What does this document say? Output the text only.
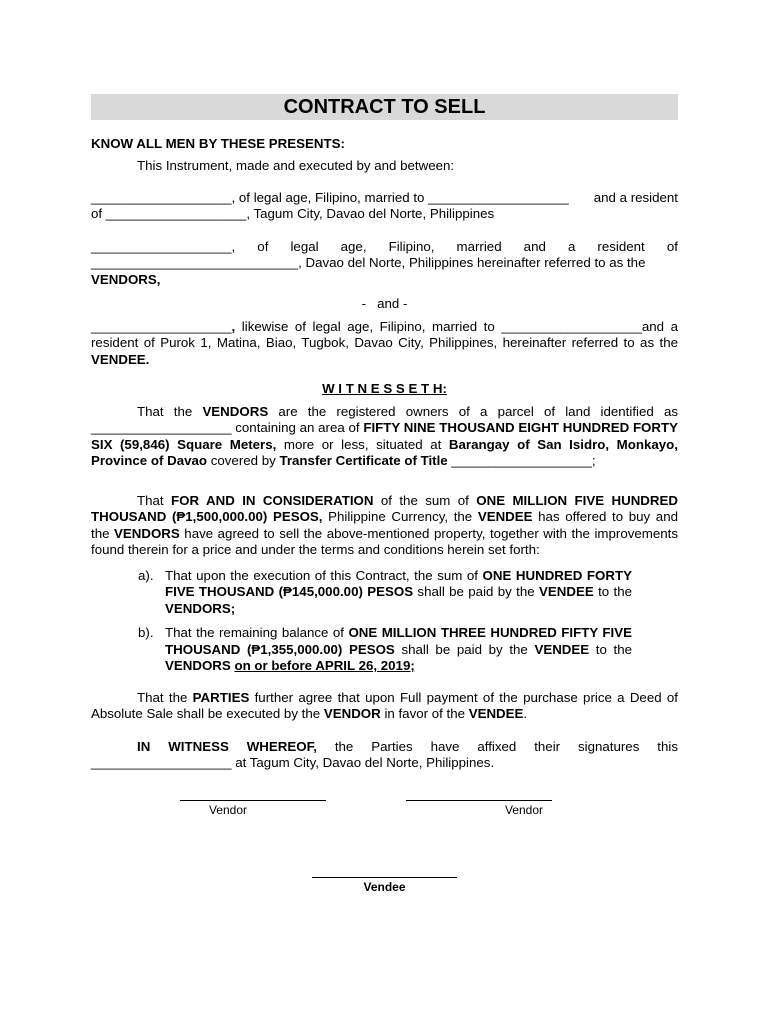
CONTRACT TO SELL
KNOW ALL MEN BY THESE PRESENTS:
This Instrument, made and executed by and between:
___________________, of legal age, Filipino, married to ___________________ and a resident
of ___________________, Tagum City, Davao del Norte, Philippines
___________________, of legal age, Filipino, married and a resident of
____________________________, Davao del Norte, Philippines hereinafter referred to as the
VENDORS,
-   and -
___________________, likewise of legal age, Filipino, married to ___________________and a resident of Purok 1, Matina, Biao, Tugbok, Davao City, Philippines, hereinafter referred to as the VENDEE.
W I T N E S S E T H:
That the VENDORS are the registered owners of a parcel of land identified as ___________________ containing an area of FIFTY NINE THOUSAND EIGHT HUNDRED FORTY SIX (59,846) Square Meters, more or less, situated at Barangay of San Isidro, Monkayo, Province of Davao covered by Transfer Certificate of Title ___________________;
That FOR AND IN CONSIDERATION of the sum of ONE MILLION FIVE HUNDRED THOUSAND (₱1,500,000.00) PESOS, Philippine Currency, the VENDEE has offered to buy and the VENDORS have agreed to sell the above-mentioned property, together with the improvements found therein for a price and under the terms and conditions herein set forth:
a). That upon the execution of this Contract, the sum of ONE HUNDRED FORTY FIVE THOUSAND (₱145,000.00) PESOS shall be paid by the VENDEE to the VENDORS;
b). That the remaining balance of ONE MILLION THREE HUNDRED FIFTY FIVE THOUSAND (₱1,355,000.00) PESOS shall be paid by the VENDEE to the VENDORS on or before APRIL 26, 2019;
That the PARTIES further agree that upon Full payment of the purchase price a Deed of Absolute Sale shall be executed by the VENDOR in favor of the VENDEE.
IN WITNESS WHEREOF, the Parties have affixed their signatures this
___________________ at Tagum City, Davao del Norte, Philippines.
Vendor	Vendor
Vendee
